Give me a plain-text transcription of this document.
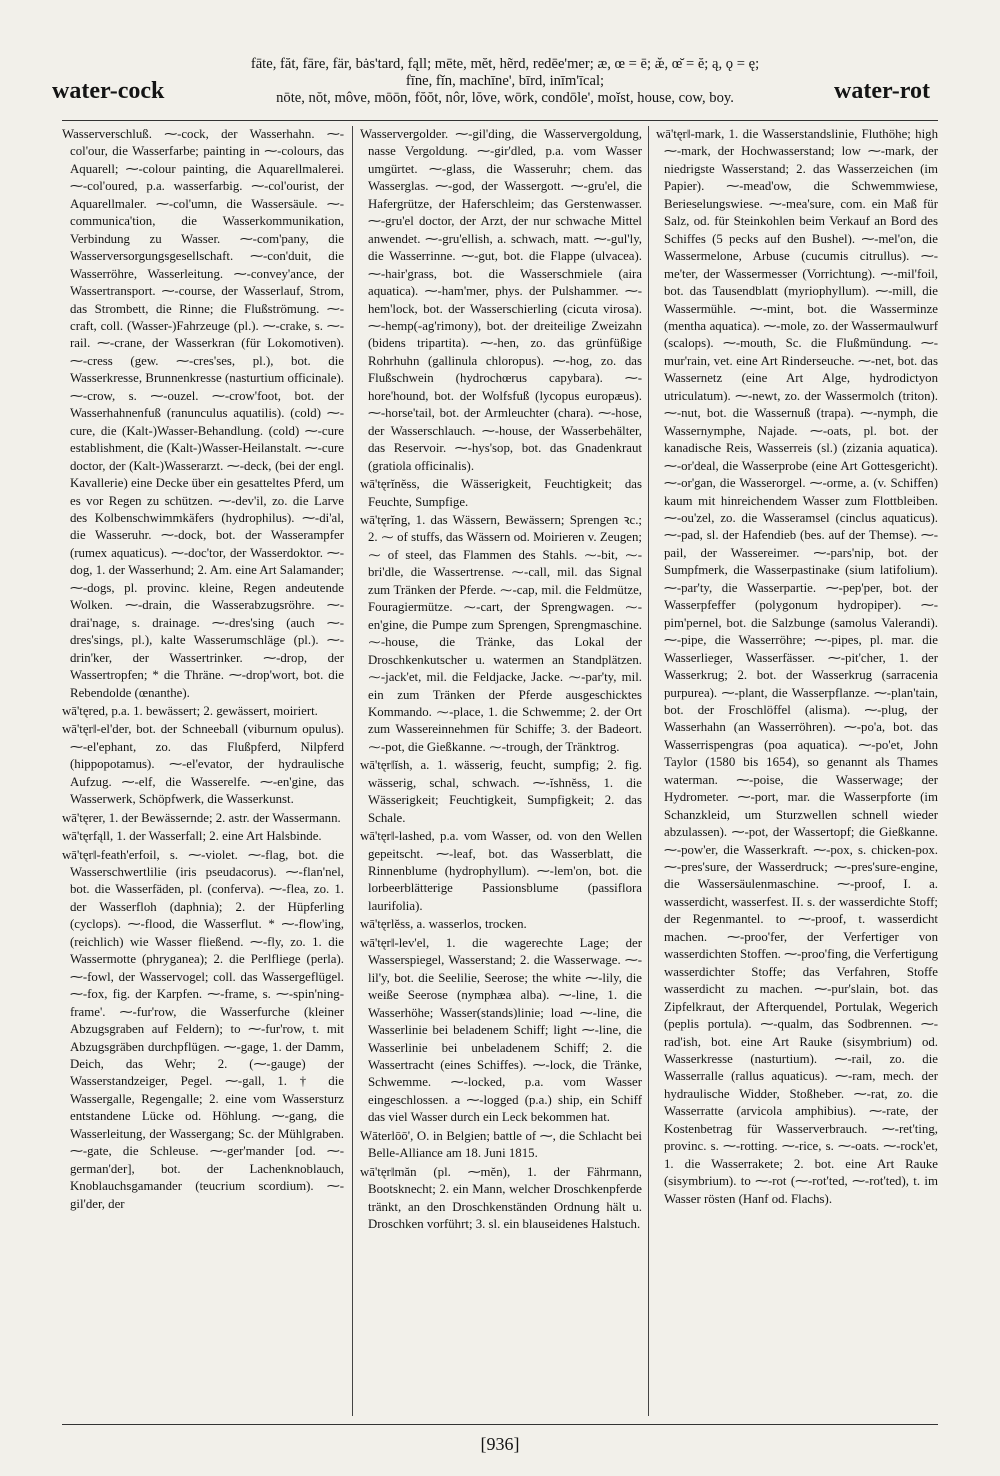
water-cock
fāte, făt, fāre, fär, bȧs'tard, fąll; mēte, mĕt, hẽrd, redēe'mer; æ, œ = ē; æ̆, œ̆ = ĕ; ą, ǫ = ę;
fīne, fĭn, machīne', bīrd, inīm'īcal;
nōte, nŏt, môve, mōōn, fŏŏt, nôr, lŏve, wōrk, condōle', moĭst, house, cow, boy.	water-rot

Wasserverschluß. ⁓-cock, der Wasserhahn. ⁓-col'our, die Wasserfarbe; painting in ⁓-colours, das Aquarell; ⁓-colour painting, die Aquarellmalerei. ⁓-col'oured, p.a. wasserfarbig. ⁓-col'ourist, der Aquarellmaler. ⁓-col'umn, die Wassersäule. ⁓-communica'tion, die Wasserkommunikation, Verbindung zu Wasser. ⁓-com'pany, die Wasserversorgungsgesellschaft. ⁓-con'duit, die Wasserröhre, Wasserleitung. ⁓-convey'ance, der Wassertransport. ⁓-course, der Wasserlauf, Strom, das Strombett, die Rinne; die Flußströmung. ⁓-craft, coll. (Wasser-)Fahrzeuge (pl.). ⁓-crake, s. ⁓-rail. ⁓-crane, der Wasserkran (für Lokomotiven). ⁓-cress (gew. ⁓-cres'ses, pl.), bot. die Wasserkresse, Brunnenkresse (nasturtium officinale). ⁓-crow, s. ⁓-ouzel. ⁓-crow'foot, bot. der Wasserhahnenfuß (ranunculus aquatilis). (cold) ⁓-cure, die (Kalt-)Wasser-Behandlung. (cold) ⁓-cure establishment, die (Kalt-)Wasser-Heilanstalt. ⁓-cure doctor, der (Kalt-)Wasserarzt. ⁓-deck, (bei der engl. Kavallerie) eine Decke über ein gesatteltes Pferd, um es vor Regen zu schützen. ⁓-dev'il, zo. die Larve des Kolbenschwimmkäfers (hydrophilus). ⁓-di'al, die Wasseruhr. ⁓-dock, bot. der Wasserampfer (rumex aquaticus). ⁓-doc'tor, der Wasserdoktor. ⁓-dog, 1. der Wasserhund; 2. Am. eine Art Salamander; ⁓-dogs, pl. provinc. kleine, Regen andeutende Wolken. ⁓-drain, die Wasserabzugsröhre. ⁓-drai'nage, s. drainage. ⁓-dres'sing (auch ⁓-dres'sings, pl.), kalte Wasserumschläge (pl.). ⁓-drin'ker, der Wassertrinker. ⁓-drop, der Wassertropfen; * die Thräne. ⁓-drop'wort, bot. die Rebendolde (œnanthe).

wā'tęred, p.a. 1. bewässert; 2. gewässert, moiriert.

wā'tęr‖-el'der, bot. der Schneeball (viburnum opulus). ⁓-el'ephant, zo. das Flußpferd, Nilpferd (hippopotamus). ⁓-el'evator, der hydraulische Aufzug. ⁓-elf, die Wasserelfe. ⁓-en'gine, das Wasserwerk, Schöpfwerk, die Wasserkunst.

wā'tęrer, 1. der Bewässernde; 2. astr. der Wassermann.

wā'tęrfąll, 1. der Wasserfall; 2. eine Art Halsbinde.

wā'tęr‖-feath'erfoil, s. ⁓-violet. ⁓-flag, bot. die Wasserschwertlilie (iris pseudacorus). ⁓-flan'nel, bot. die Wasserfäden, pl. (conferva). ⁓-flea, zo. 1. der Wasserfloh (daphnia); 2. der Hüpferling (cyclops). ⁓-flood, die Wasserflut. * ⁓-flow'ing, (reichlich) wie Wasser fließend. ⁓-fly, zo. 1. die Wassermotte (phryganea); 2. die Perlfliege (perla). ⁓-fowl, der Wasservogel; coll. das Wassergeflügel. ⁓-fox, fig. der Karpfen. ⁓-frame, s. ⁓-spin'ning-frame'. ⁓-fur'row, die Wasserfurche (kleiner Abzugsgraben auf Feldern); to ⁓-fur'row, t. mit Abzugsgräben durchpflügen. ⁓-gage, 1. der Damm, Deich, das Wehr; 2. (⁓-gauge) der Wasserstandzeiger, Pegel. ⁓-gall, 1. † die Wassergalle, Regengalle; 2. eine vom Wassersturz entstandene Lücke od. Höhlung. ⁓-gang, die Wasserleitung, der Wassergang; Sc. der Mühlgraben. ⁓-gate, die Schleuse. ⁓-ger'mander [od. ⁓-german'der], bot. der Lachenknoblauch, Knoblauchsgamander (teucrium scordium). ⁓-gil'der, der

Wasservergolder. ⁓-gil'ding, die Wasservergoldung, nasse Vergoldung. ⁓-gir'dled, p.a. vom Wasser umgürtet. ⁓-glass, die Wasseruhr; chem. das Wasserglas. ⁓-god, der Wassergott. ⁓-gru'el, die Hafergrütze, der Haferschleim; das Gerstenwasser. ⁓-gru'el doctor, der Arzt, der nur schwache Mittel anwendet. ⁓-gru'ellish, a. schwach, matt. ⁓-gul'ly, die Wasserrinne. ⁓-gut, bot. die Flappe (ulvacea). ⁓-hair'grass, bot. die Wasserschmiele (aira aquatica). ⁓-ham'mer, phys. der Pulshammer. ⁓-hem'lock, bot. der Wasserschierling (cicuta virosa). ⁓-hemp(-ag'rimony), bot. der dreiteilige Zweizahn (bidens tripartita). ⁓-hen, zo. das grünfüßige Rohrhuhn (gallinula chloropus). ⁓-hog, zo. das Flußschwein (hydrochœrus capybara). ⁓-hore'hound, bot. der Wolfsfuß (lycopus europæus). ⁓-horse'tail, bot. der Armleuchter (chara). ⁓-hose, der Wasserschlauch. ⁓-house, der Wasserbehälter, das Reservoir. ⁓-hys'sop, bot. das Gnadenkraut (gratiola officinalis).

wā'tęrĭnĕss, die Wässerigkeit, Feuchtigkeit; das Feuchte, Sumpfige.

wā'tęrĭng, 1. das Wässern, Bewässern; Sprengen ꝛc.; 2. ⁓ of stuffs, das Wässern od. Moirieren v. Zeugen; ⁓ of steel, das Flammen des Stahls. ⁓-bit, ⁓-bri'dle, die Wassertrense. ⁓-call, mil. das Signal zum Tränken der Pferde. ⁓-cap, mil. die Feldmütze, Fouragiermütze. ⁓-cart, der Sprengwagen. ⁓-en'gine, die Pumpe zum Sprengen, Sprengmaschine. ⁓-house, die Tränke, das Lokal der Droschkenkutscher u. watermen an Standplätzen. ⁓-jack'et, mil. die Feldjacke, Jacke. ⁓-par'ty, mil. ein zum Tränken der Pferde ausgeschicktes Kommando. ⁓-place, 1. die Schwemme; 2. der Ort zum Wassereinnehmen für Schiffe; 3. der Badeort. ⁓-pot, die Gießkanne. ⁓-trough, der Tränktrog.

wā'tęr‖ĭsh, a. 1. wässerig, feucht, sumpfig; 2. fig. wässerig, schal, schwach. ⁓-ĭshnĕss, 1. die Wässerigkeit; Feuchtigkeit, Sumpfigkeit; 2. das Schale.

wā'tęr‖-lashed, p.a. vom Wasser, od. von den Wellen gepeitscht. ⁓-leaf, bot. das Wasserblatt, die Rinnenblume (hydrophyllum). ⁓-lem'on, bot. die lorbeerblätterige Passionsblume (passiflora laurifolia).

wā'tęrlĕss, a. wasserlos, trocken.

wā'tęr‖-lev'el, 1. die wagerechte Lage; der Wasserspiegel, Wasserstand; 2. die Wasserwage. ⁓-lil'y, bot. die Seelilie, Seerose; the white ⁓-lily, die weiße Seerose (nymphæa alba). ⁓-line, 1. die Wasserhöhe; Wasser(stands)linie; load ⁓-line, die Wasserlinie bei beladenem Schiff; light ⁓-line, die Wasserlinie bei unbeladenem Schiff; 2. die Wassertracht (eines Schiffes). ⁓-lock, die Tränke, Schwemme. ⁓-locked, p.a. vom Wasser eingeschlossen. a ⁓-logged (p.a.) ship, ein Schiff das viel Wasser durch ein Leck bekommen hat.

Wāterlōō', O. in Belgien; battle of ⁓, die Schlacht bei Belle-Alliance am 18. Juni 1815.

wā'tęr‖măn (pl. ⁓mĕn), 1. der Fährmann, Bootsknecht; 2. ein Mann, welcher Droschkenpferde tränkt, an den Droschkenständen Ordnung hält u. Droschken vorführt; 3. sl. ein blauseidenes Halstuch.

wā'tęr‖-mark, 1. die Wasserstandslinie, Fluthöhe; high ⁓-mark, der Hochwasserstand; low ⁓-mark, der niedrigste Wasserstand; 2. das Wasserzeichen (im Papier). ⁓-mead'ow, die Schwemmwiese, Berieselungswiese. ⁓-mea'sure, com. ein Maß für Salz, od. für Steinkohlen beim Verkauf an Bord des Schiffes (5 pecks auf den Bushel). ⁓-mel'on, die Wassermelone, Arbuse (cucumis citrullus). ⁓-me'ter, der Wassermesser (Vorrichtung). ⁓-mil'foil, bot. das Tausendblatt (myriophyllum). ⁓-mill, die Wassermühle. ⁓-mint, bot. die Wasserminze (mentha aquatica). ⁓-mole, zo. der Wassermaulwurf (scalops). ⁓-mouth, Sc. die Flußmündung. ⁓-mur'rain, vet. eine Art Rinderseuche. ⁓-net, bot. das Wassernetz (eine Art Alge, hydrodictyon utriculatum). ⁓-newt, zo. der Wassermolch (triton). ⁓-nut, bot. die Wassernuß (trapa). ⁓-nymph, die Wassernymphe, Najade. ⁓-oats, pl. bot. der kanadische Reis, Wasserreis (sl.) (zizania aquatica). ⁓-or'deal, die Wasserprobe (eine Art Gottesgericht). ⁓-or'gan, die Wasserorgel. ⁓-orme, a. (v. Schiffen) kaum mit hinreichendem Wasser zum Flottbleiben. ⁓-ou'zel, zo. die Wasseramsel (cinclus aquaticus). ⁓-pad, sl. der Hafendieb (bes. auf der Themse). ⁓-pail, der Wassereimer. ⁓-pars'nip, bot. der Sumpfmerk, die Wasserpastinake (sium latifolium). ⁓-par'ty, die Wasserpartie. ⁓-pep'per, bot. der Wasserpfeffer (polygonum hydropiper). ⁓-pim'pernel, bot. die Salzbunge (samolus Valerandi). ⁓-pipe, die Wasserröhre; ⁓-pipes, pl. mar. die Wasserlieger, Wasserfässer. ⁓-pit'cher, 1. der Wasserkrug; 2. bot. der Wasserkrug (sarracenia purpurea). ⁓-plant, die Wasserpflanze. ⁓-plan'tain, bot. der Froschlöffel (alisma). ⁓-plug, der Wasserhahn (an Wasserröhren). ⁓-po'a, bot. das Wasserrispengras (poa aquatica). ⁓-po'et, John Taylor (1580 bis 1654), so genannt als Thames waterman. ⁓-poise, die Wasserwage; der Hydrometer. ⁓-port, mar. die Wasserpforte (im Schanzkleid, um Sturzwellen schnell wieder abzulassen). ⁓-pot, der Wassertopf; die Gießkanne. ⁓-pow'er, die Wasserkraft. ⁓-pox, s. chicken-pox. ⁓-pres'sure, der Wasserdruck; ⁓-pres'sure-engine, die Wassersäulenmaschine. ⁓-proof, I. a. wasserdicht, wasserfest. II. s. der wasserdichte Stoff; der Regenmantel. to ⁓-proof, t. wasserdicht machen. ⁓-proo'fer, der Verfertiger von wasserdichten Stoffen. ⁓-proo'fing, die Verfertigung wasserdichter Stoffe; das Verfahren, Stoffe wasserdicht zu machen. ⁓-pur'slain, bot. das Zipfelkraut, der Afterquendel, Portulak, Wegerich (peplis portula). ⁓-qualm, das Sodbrennen. ⁓-rad'ish, bot. eine Art Rauke (sisymbrium) od. Wasserkresse (nasturtium). ⁓-rail, zo. die Wasserralle (rallus aquaticus). ⁓-ram, mech. der hydraulische Widder, Stoßheber. ⁓-rat, zo. die Wasserratte (arvicola amphibius). ⁓-rate, der Kostenbetrag für Wasserverbrauch. ⁓-ret'ting, provinc. s. ⁓-rotting. ⁓-rice, s. ⁓-oats. ⁓-rock'et, 1. die Wasserrakete; 2. bot. eine Art Rauke (sisymbrium). to ⁓-rot (⁓-rot'ted, ⁓-rot'ted), t. im Wasser rösten (Hanf od. Flachs).

[936]
